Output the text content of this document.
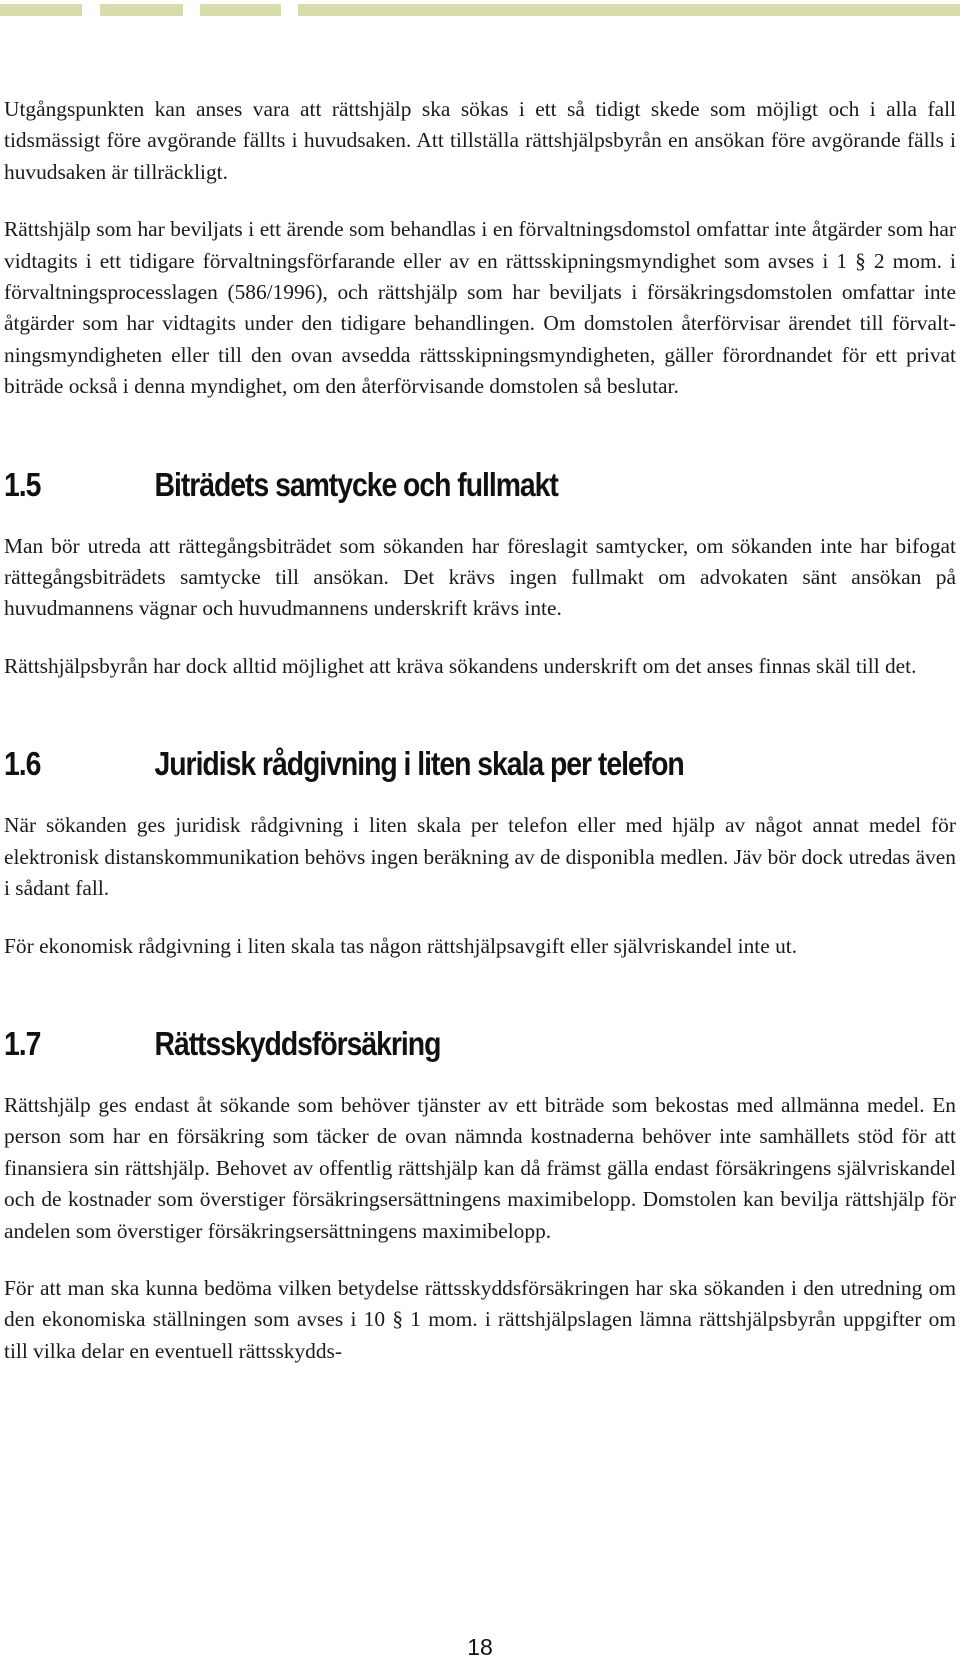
Utgångspunkten kan anses vara att rättshjälp ska sökas i ett så tidigt skede som möjligt och i alla fall tidsmässigt före avgörande fällts i huvudsaken. Att tillställa rättshjälpsbyrån en ansökan före avgörande fälls i huvudsaken är tillräckligt.

Rättshjälp som har beviljats i ett ärende som behandlas i en förvaltningsdomstol omfattar inte åtgärder som har vidtagits i ett tidigare förvaltningsförfarande eller av en rättsskipningsmyndighet som avses i 1 § 2 mom. i förvaltningsprocesslagen (586/1996), och rättshjälp som har beviljats i försäkringsdomstolen omfattar inte åtgärder som har vidtagits under den tidigare behandlingen. Om domstolen återförvisar ärendet till förvaltningsmyndigheten eller till den ovan avsedda rättsskipningsmyndigheten, gäller förordnandet för ett privat biträde också i denna myndighet, om den återförvisande domstolen så beslutar.

1.5	Biträdets samtycke och fullmakt

Man bör utreda att rättegångsbiträdet som sökanden har föreslagit samtycker, om sökanden inte har bifogat rättegångsbiträdets samtycke till ansökan. Det krävs ingen fullmakt om advokaten sänt ansökan på huvudmannens vägnar och huvudmannens underskrift krävs inte.

Rättshjälpsbyrån har dock alltid möjlighet att kräva sökandens underskrift om det anses finnas skäl till det.

1.6	Juridisk rådgivning i liten skala per telefon

När sökanden ges juridisk rådgivning i liten skala per telefon eller med hjälp av något annat medel för elektronisk distanskommunikation behövs ingen beräkning av de disponibla medlen. Jäv bör dock utredas även i sådant fall.

För ekonomisk rådgivning i liten skala tas någon rättshjälpsavgift eller självriskandel inte ut.

1.7	Rättsskyddsförsäkring

Rättshjälp ges endast åt sökande som behöver tjänster av ett biträde som bekostas med allmänna medel. En person som har en försäkring som täcker de ovan nämnda kostnaderna behöver inte samhällets stöd för att finansiera sin rättshjälp. Behovet av offentlig rättshjälp kan då främst gälla endast försäkringens självriskandel och de kostnader som överstiger försäkringsersättningens maximibelopp. Domstolen kan bevilja rättshjälp för andelen som överstiger försäkringsersättningens maximibelopp.

För att man ska kunna bedöma vilken betydelse rättsskyddsförsäkringen har ska sökanden i den utredning om den ekonomiska ställningen som avses i 10 § 1 mom. i rättshjälpslagen lämna rättshjälpsbyrån uppgifter om till vilka delar en eventuell rättsskydds-

18
